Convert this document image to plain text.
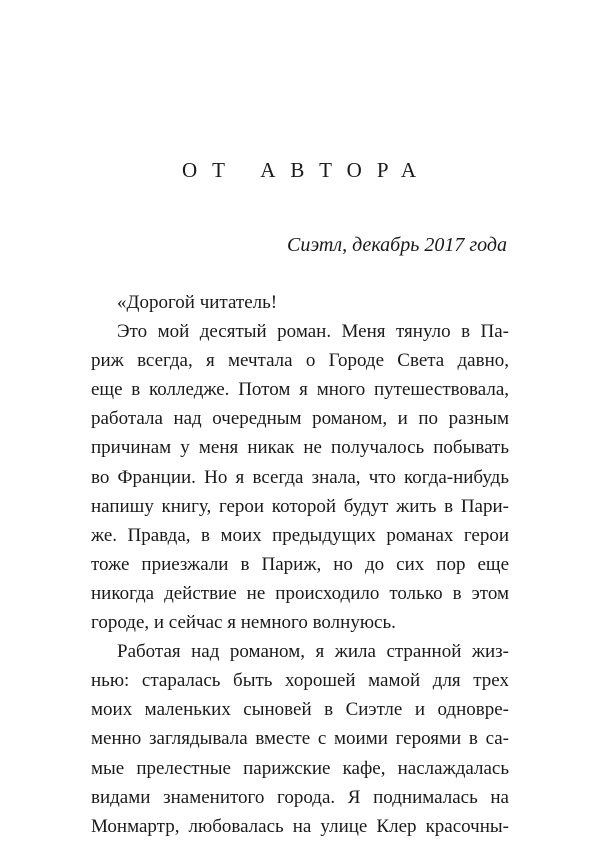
ОТ АВТОРА
Сиэтл, декабрь 2017 года
«Дорогой читатель!
Это мой десятый роман. Меня тянуло в Па-
риж всегда, я мечтала о Городе Света давно,
еще в колледже. Потом я много путешествовала,
работала над очередным романом, и по разным
причинам у меня никак не получалось побывать
во Франции. Но я всегда знала, что когда-нибудь
напишу книгу, герои которой будут жить в Пари-
же. Правда, в моих предыдущих романах герои
тоже приезжали в Париж, но до сих пор еще
никогда действие не происходило только в этом
городе, и сейчас я немного волнуюсь.
Работая над романом, я жила странной жиз-
нью: старалась быть хорошей мамой для трех
моих маленьких сыновей в Сиэтле и одновре-
менно заглядывала вместе с моими героями в са-
мые прелестные парижские кафе, наслаждалась
видами знаменитого города. Я поднималась на
Монмартр, любовалась на улице Клер красочны-
